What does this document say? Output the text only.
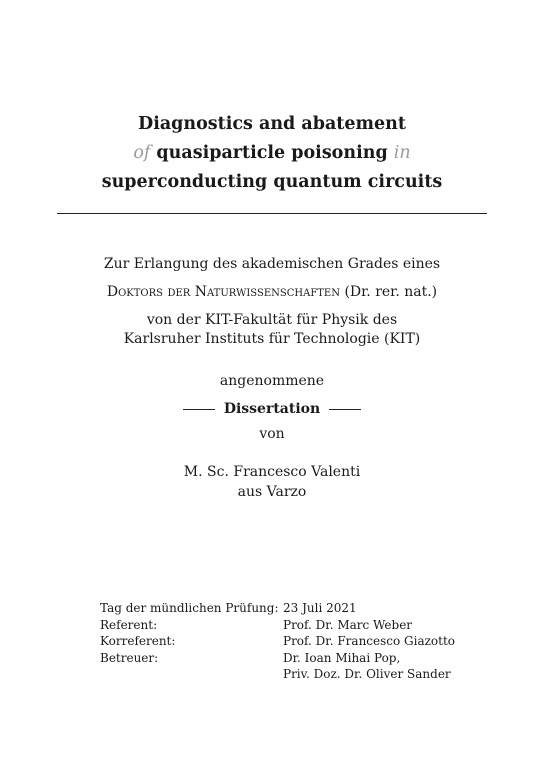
Diagnostics and abatement
of quasiparticle poisoning in
superconducting quantum circuits
Zur Erlangung des akademischen Grades eines
Doktors der Naturwissenschaften (Dr. rer. nat.)
von der KIT-Fakultät für Physik des
Karlsruher Instituts für Technologie (KIT)
angenommene
Dissertation
von
M. Sc. Francesco Valenti
aus Varzo
Tag der mündlichen Prüfung:
Referent:
Korreferent:
Betreuer:

23 Juli 2021
Prof. Dr. Marc Weber
Prof. Dr. Francesco Giazotto
Dr. Ioan Mihai Pop,
Priv. Doz. Dr. Oliver Sander
